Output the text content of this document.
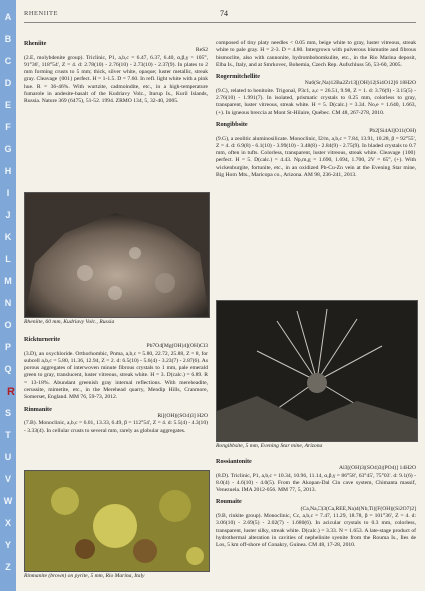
A
B
C
D
E
F
G
H
I
J
K
L
M
N
O
P
Q
R
S
T
U
V
W
X
Y
Z
RHENIITE	74

Rheniite
ReS2
(2.E, molybdenite group). Triclinic, P1, a,b,c = 6.47, 6.37, 6.40, α,β,γ = 105°, 91°36', 118°54', Z = 4. d: 2.78(10) - 2.76(10) - 2.73(10) - 2.37(9). In plates to 2 mm forming crusts to 5 mm; thick, silver white, opaque; luster metallic, streak gray. Cleavage {001} perfect. H = 1-1.5. D = 7.60. In refl. light white with a pink hue. R = 36-46%. With wurtzite, cadmoindite, etc., in a high-temperature fumarole in andesite-basalt of the Kudriavy Volc., Iturup Is., Kuril Islands, Russia. Nature 369 (6475), 51-52. 1994. ZRMO 134, 5, 32-40, 2005.

Rheniite, 60 mm, Kudriavy Volc., Russia

Rickturnerite
Pb7O4[Mg(OH)4](OH)Cl3
(3.D), an oxychloride. Orthorhombic, Pnma, a,b,c = 5.80, 22.72, 25.88, Z = 8, for subcell a,b,c = 5.80, 11.36, 12.94, Z = 2. d: 6.5(10) - 5.6(4) - 3.23(7) - 2.87(6). As porous aggregates of interwoven minute fibrous crystals to 1 mm, pale emerald green to gray, translucent, luster vitreous, streak white. H = 3. D(calc.) = 6.89. R = 13-18%. Abundant greenish gray internal reflections. With mereheadite, cerussite, mimetite, etc., in the Merehead quarry, Mendip Hills, Cranmore, Somerset, England. MM 76, 59-73, 2012.

Rinmanite
Ri[(OH)|(SO4)3] H2O
(7.B). Monoclinic, a,b,c = 6.01, 13.33, 6.49, β = 112°54', Z = 4. d: 5.5(4) - 4.3(10) - 3.33(4). In cellular crusts to several mm, rarely as globular aggregates.

Rinmanite (brown) on pyrite, 5 mm, Rio Marina, Italy

composed of tiny platy needles < 0.05 mm, beige white to gray, luster vitreous, streak white to pale gray. H = 2-3. D = 4.80. Intergrown with pulverous bismutite and fibrous bismoclite, also with cannonite, hydrombobomkulite, etc., in the Rio Marina deposit, Elba Is., Italy, and at Smrkovec, Bohemia, Czech Rep. Aufschluss 56, 53-60, 2005.

Rogermitchellite
Na6(Sr,Na)12Ba2Zr13[(OH)12|Si4O12]6 18H2O
(9.C), related to benitoite. Trigonal, P3c1, a,c = 26.51, 9.98, Z = 1. d: 3.76(9) - 3.15(5) - 2.76(10) - 1.991(7). In isolated, prismatic crystals to 0.25 mm, colorless to gray, transparent, luster vitreous, streak white. H = 5. D(calc.) = 3.34. No,e = 1.640, 1.663, (+). In igneous breccia at Mont St-Hilaire, Québec. CM 48, 267-278, 2010.

Rongibbsite
Pb2[Si4Al]O11(OH)
(9.G), a zeolitic aluminosilicate. Monoclinic, I2/m, a,b,c = 7.84, 13.91, 10.28, β = 92°55', Z = 4. d: 6.9(8) - 6.1(10) - 3.99(10) - 3.48(8) - 2.84(9) - 2.75(9). In bladed crystals to 0.7 mm, often in tufts. Colorless, transparent, luster vitreous, streak white. Cleavage {100} perfect. H = 5. D(calc.) = 4.43. Np,m,g = 1.690, 1.694, 1.700, 2V = 65°, (+). With wickenburgite, fortunite, etc., in an oxidized Pb-Cu-Zn vein at the Evening Star mine, Big Horn Mts., Maricopa co., Arizona. AM 98, 236-241, 2013.

Rongibbsite, 5 mm, Evening Star mine, Arizona

Rossiantonite
Al3[(OH)3|(SO4)3|(PO4)] 14H2O
(8.D). Triclinic, P1, a,b,c = 10.34, 10.96, 11.14, α,β,γ = 86°58', 63°45', 75°03'. d: 9.1(6) - 8.0(4) - 4.6(10) - 4.0(5). From the Akopan-Dal Cin cave system, Chimanta massif, Venezuela. IMA 2012-056. MM 77, 5, 2013.

Roumaite
(Ca,Na,□)3(Ca,REE,Na)4(Nb,Ti)[F(OH)|(Si2O7)2]
(9.B, rinkite group). Monoclinic, Cc, a,b,c = 7.47, 11.29, 18.78, β = 101°36', Z = 4. d: 3.06(10) - 2.69(5) - 2.02(7) - 1.680(6). In acicular crystals to 0.3 mm, colorless, transparent, luster silky, streak white. D(calc.) = 3.33. N = 1.653. A late-stage product of hydrothermal alteration in cavities of nephelinite syenite from the Rouma Is., Iles de Los, 5 km off-shore of Conakry, Guinea. CM 48, 17-28, 2010.
